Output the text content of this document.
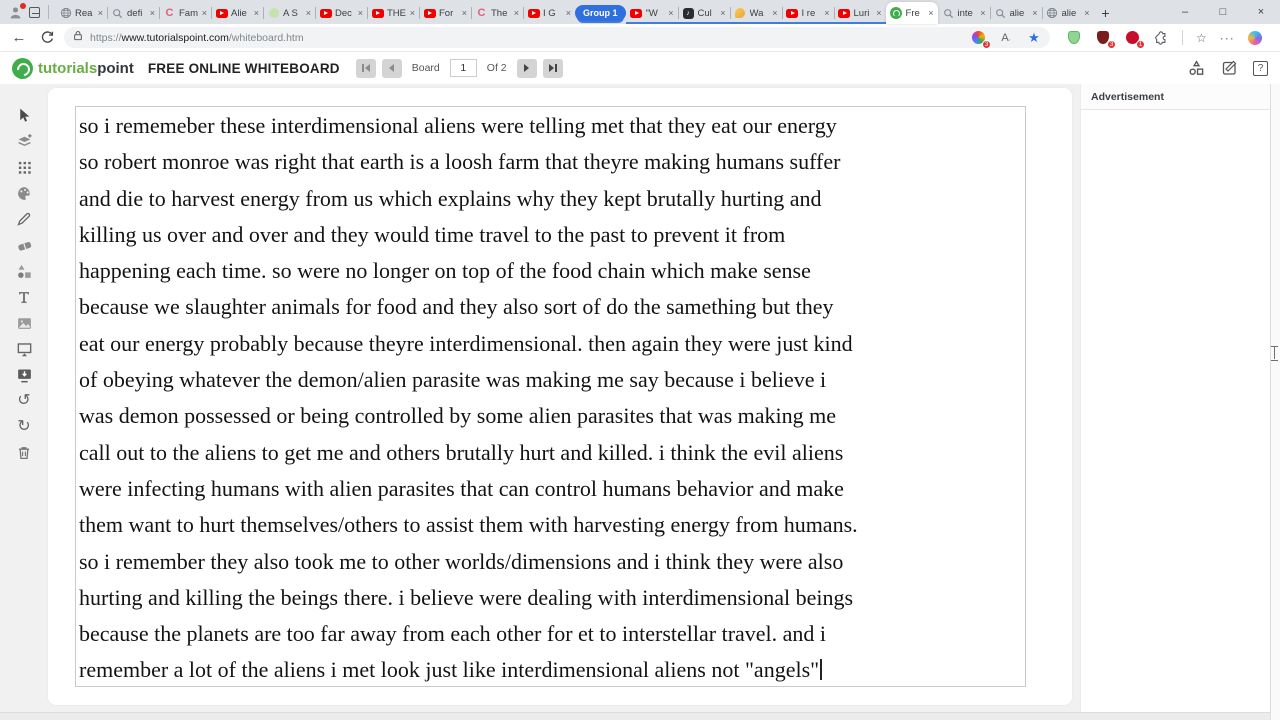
Rea ×	defi × C Fam ×	Alie ×	A S ×	Dec ×	THE ×	For × C The ×	I G	×	Group 1	"W	×	♪ Cul ×	Wa ×	I re	×	Luri ×	Fre ×	inte ×	alie ×	alie × +	–	□	×
←	https://www.tutorialspoint.com/whiteboard.htm
3
A ˎ ★	3	1	☆ ···
tutorialspoint FREE ONLINE WHITEBOARD	Board
1	Of 2	?
↺
↻
so i rememeber these interdimensional aliens were telling met that they eat our energy
so robert monroe was right that earth is a loosh farm that theyre making humans suffer
and die to harvest energy from us which explains why they kept brutally hurting and
killing us over and over and they would time travel to the past to prevent it from
happening each time. so were no longer on top of the food chain which make sense
because we slaughter animals for food and they also sort of do the samething but they
eat our energy probably because theyre interdimensional. then again they were just kind
of obeying whatever the demon/alien parasite was making me say because i believe i
was demon possessed or being controlled by some alien parasites that was making me
call out to the aliens to get me and others brutally hurt and killed. i think the evil aliens
were infecting humans with alien parasites that can control humans behavior and make
them want to hurt themselves/others to assist them with harvesting energy from humans.
so i remember they also took me to other worlds/dimensions and i think they were also
hurting and killing the beings there. i believe were dealing with interdimensional beings
because the planets are too far away from each other for et to interstellar travel. and i
remember a lot of the aliens i met look just like interdimensional aliens not "angels"
Advertisement
